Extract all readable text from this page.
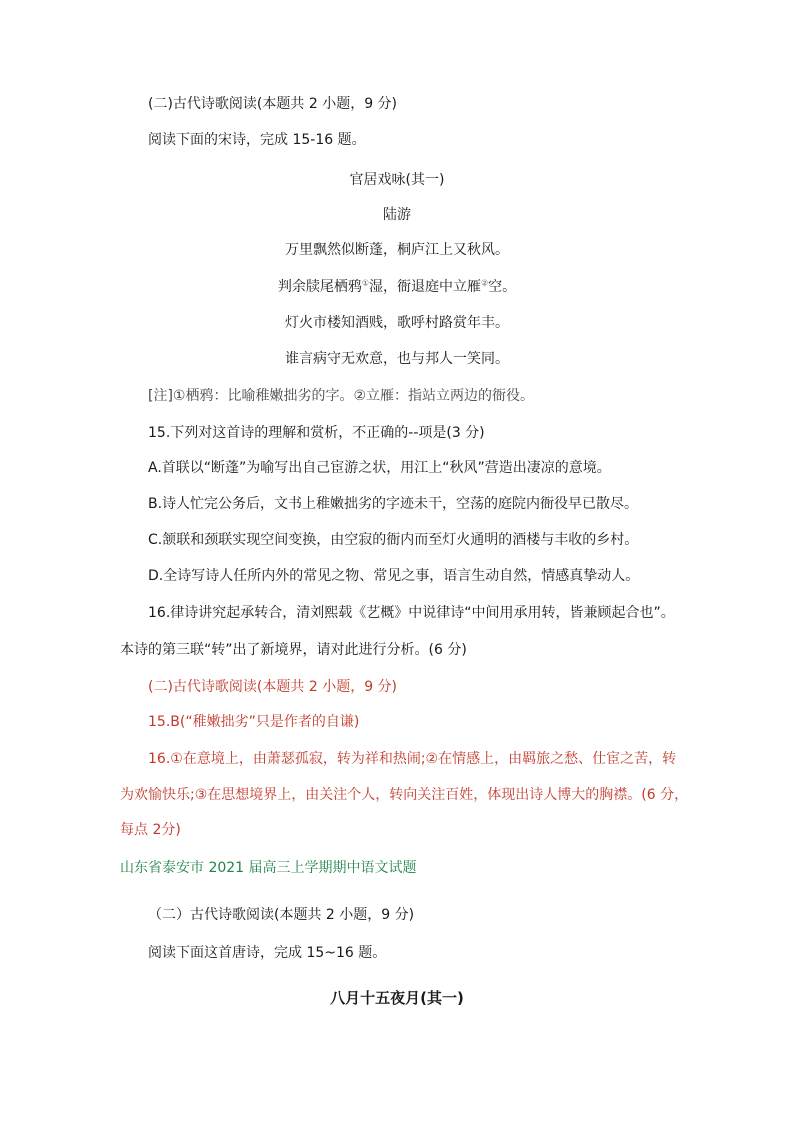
(二)古代诗歌阅读(本题共 2 小题，9 分)
阅读下面的宋诗，完成 15-16 题。
官居戏咏(其一)
陆游
万里飘然似断蓬，桐庐江上又秋风。
判余牍尾栖鸦①湿，衙退庭中立雁②空。
灯火市楼知酒贱，歌呼村路赏年丰。
谁言病守无欢意，也与邦人一笑同。
[注]①栖鸦：比喻稚嫩拙劣的字。②立雁：指站立两边的衙役。
15.下列对这首诗的理解和赏析，不正确的--项是(3 分)
A.首联以“断蓬”为喻写出自己宦游之状，用江上“秋风”营造出凄凉的意境。
B.诗人忙完公务后，文书上稚嫩拙劣的字迹未干，空荡的庭院内衙役早已散尽。
C.颔联和颈联实现空间变换，由空寂的衙内而至灯火通明的酒楼与丰收的乡村。
D.全诗写诗人任所内外的常见之物、常见之事，语言生动自然，情感真挚动人。
16.律诗讲究起承转合，清刘熙载《艺概》中说律诗“中间用承用转，皆兼顾起合也”。
本诗的第三联“转”出了新境界，请对此进行分析。(6 分)
(二)古代诗歌阅读(本题共 2 小题，9 分)
15.B(“稚嫩拙劣”只是作者的自谦)
16.①在意境上，由萧瑟孤寂，转为祥和热闹;②在情感上，由羁旅之愁、仕宦之苦，转
为欢愉快乐;③在思想境界上，由关注个人，转向关注百姓，体现出诗人博大的胸襟。(6 分，
每点 2分)
山东省泰安市 2021 届高三上学期期中语文试题
（二）古代诗歌阅读(本题共 2 小题，9 分)
阅读下面这首唐诗，完成 15~16 题。
八月十五夜月(其一)
